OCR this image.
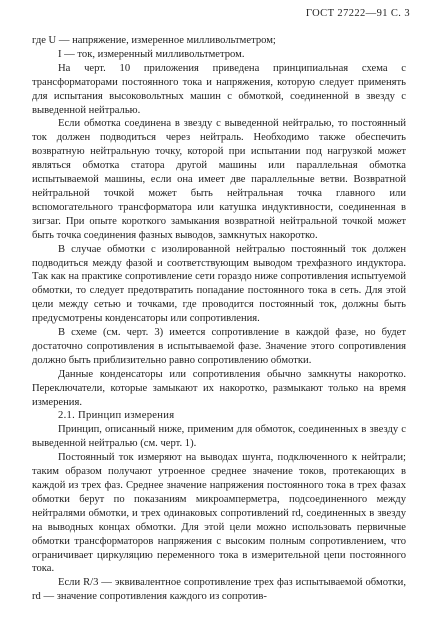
ГОСТ 27222—91 С. 3

где U — напряжение, измеренное милливольтметром;

I — ток, измеренный милливольтметром.

На черт. 10 приложения приведена принципиальная схема с трансформаторами постоянного тока и напряжения, которую следует применять для испытания высоковольтных машин с обмоткой, соединенной в звезду с выведенной нейтралью.

Если обмотка соединена в звезду с выведенной нейтралью, то постоянный ток должен подводиться через нейтраль. Необходимо также обеспечить возвратную нейтральную точку, которой при испытании под нагрузкой может являться обмотка статора другой машины или параллельная обмотка испытываемой машины, если она имеет две параллельные ветви. Возвратной нейтральной точкой может быть нейтральная точка главного или вспомогательного трансформатора или катушка индуктивности, соединенная в зигзаг. При опыте короткого замыкания возвратной нейтральной точкой может быть точка соединения фазных выводов, замкнутых накоротко.

В случае обмотки с изолированной нейтралью постоянный ток должен подводиться между фазой и соответствующим выводом трехфазного индуктора. Так как на практике сопротивление сети гораздо ниже сопротивления испытуемой обмотки, то следует предотвратить попадание постоянного тока в сеть. Для этой цели между сетью и точками, где проводится постоянный ток, должны быть предусмотрены конденсаторы или сопротивления.

В схеме (см. черт. 3) имеется сопротивление в каждой фазе, но будет достаточно сопротивления в испытываемой фазе. Значение этого сопротивления должно быть приблизительно равно сопротивлению обмотки.

Данные конденсаторы или сопротивления обычно замкнуты накоротко. Переключатели, которые замыкают их накоротко, размыкают только на время измерения.

2.1. Принцип измерения

Принцип, описанный ниже, применим для обмоток, соединенных в звезду с выведенной нейтралью (см. черт. 1).

Постоянный ток измеряют на выводах шунта, подключенного к нейтрали; таким образом получают утроенное среднее значение токов, протекающих в каждой из трех фаз. Среднее значение напряжения постоянного тока в трех фазах обмотки берут по показаниям микроамперметра, подсоединенного между нейтралями обмотки, и трех одинаковых сопротивлений rd, соединенных в звезду на выводных концах обмотки. Для этой цели можно использовать первичные обмотки трансформаторов напряжения с высоким полным сопротивлением, что ограничивает циркуляцию переменного тока в измерительной цепи постоянного тока.

Если R/3 — эквивалентное сопротивление трех фаз испытываемой обмотки, rd — значение сопротивления каждого из сопротив-
